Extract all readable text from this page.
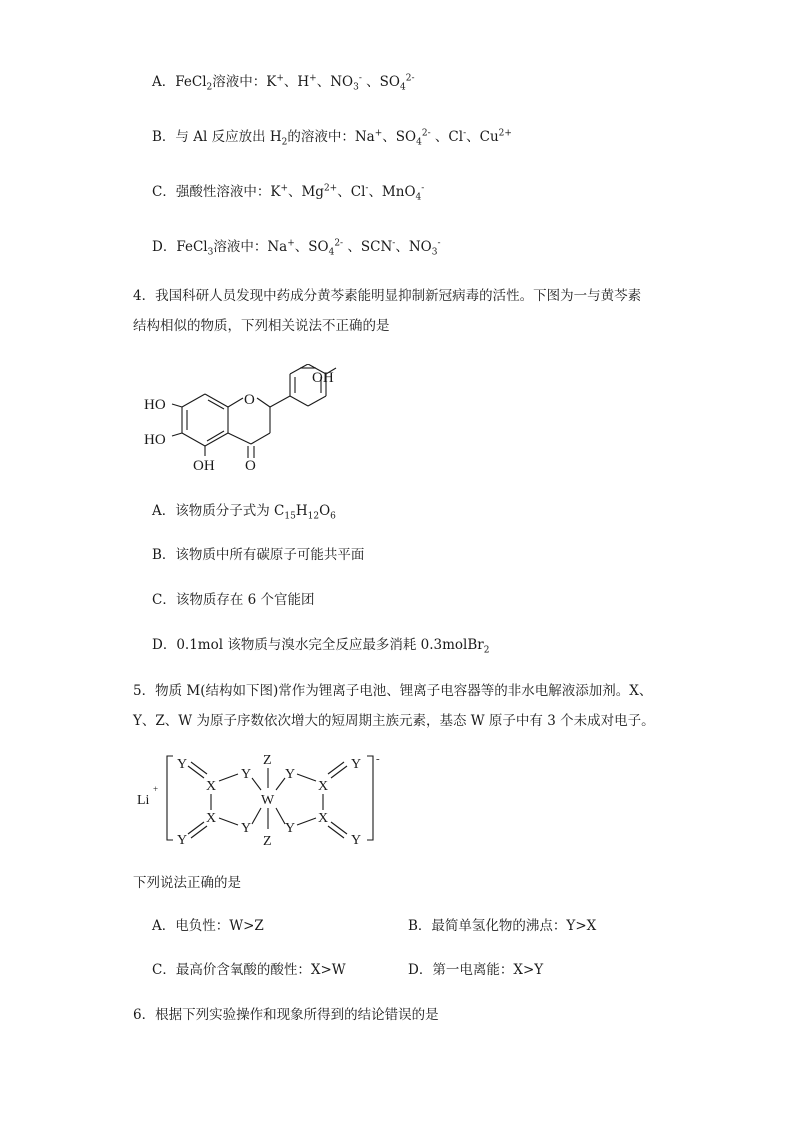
A．FeCl$_2$溶液中：K+、H+、$NO_3^-$ 、$SO_4^{2-}$
B．与 Al 反应放出 $H_2$的溶液中：Na+、$SO_4^{2-}$ 、Cl-、$Cu^{2+}$
C．强酸性溶液中：K+、$Mg^{2+}$、Cl-、MnO$_4$-
D．FeCl$_3$溶液中：Na+、$SO_4^{2-}$ 、SCN-、$NO_3^-$
4．我国科研人员发现中药成分黄芩素能明显抑制新冠病毒的活性。下图为一与黄芩素
结构相似的物质，下列相关说法不正确的是
HO
HO
OH
OH
O
O
A．该物质分子式为 $C_{15}H_{12}O_6$
B．该物质中所有碳原子可能共平面
C．该物质存在 6 个官能团
D．0.1mol 该物质与溴水完全反应最多消耗 0.3molBr$_2$
5．物质 M(结构如下图)常作为锂离子电池、锂离子电容器等的非水电解液添加剂。X、
Y、Z、W 为原子序数依次增大的短周期主族元素，基态 W 原子中有 3 个未成对电子。
Li
+
-
Y
X
Y
Z
W
Y
X
Y
X
Y Y
X
Y	Z	Y
下列说法正确的是
A．电负性：W>Z	B．最简单氢化物的沸点：Y>X
C．最高价含氧酸的酸性：X>W	D．第一电离能：X>Y
6．根据下列实验操作和现象所得到的结论错误的是
